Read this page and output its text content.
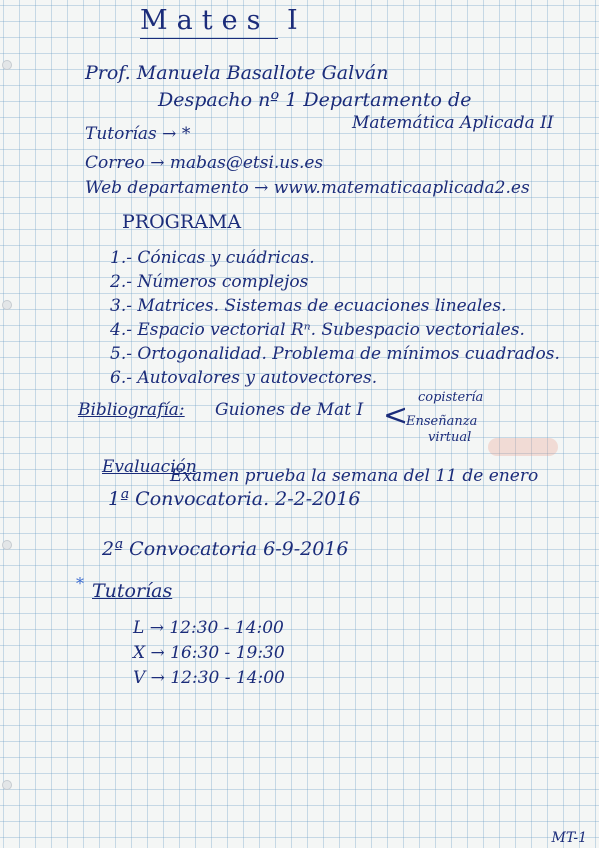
Mates I
Prof. Manuela Basallote Galván
Despacho nº 1 Departamento de
Matemática Aplicada II
Tutorías → *
Correo → mabas@etsi.us.es
Web departamento → www.matematicaaplicada2.es
PROGRAMA
1.- Cónicas y cuádricas.
2.- Números complejos
3.- Matrices. Sistemas de ecuaciones lineales.
4.- Espacio vectorial Rⁿ. Subespacio vectoriales.
5.- Ortogonalidad. Problema de mínimos cuadrados.
6.- Autovalores y autovectores.
Bibliografía: Guiones de Mat I <
copistería
Enseñanza
virtual
Evaluación
Examen prueba la semana del 11 de enero
1ª Convocatoria. 2-2-2016
2ª Convocatoria 6-9-2016
* Tutorías
L → 12:30 - 14:00
X → 16:30 - 19:30
V → 12:30 - 14:00
MT-1
